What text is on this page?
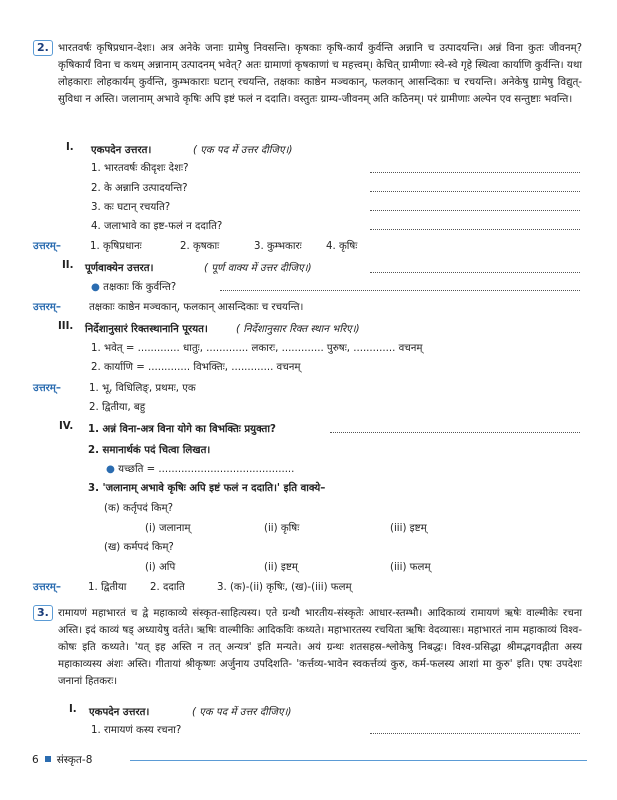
2. भारतवर्षः कृषिप्रधान-देशः। अत्र अनेके जनाः ग्रामेषु निवसन्ति। कृषकाः कृषि-कार्यं कुर्वन्ति अन्नानि च उत्पादयन्ति। अन्नं विना कुतः जीवनम्? कृषिकार्यं विना च कथम् अन्नानाम् उत्पादनम् भवेत्? अतः ग्रामाणां कृषकाणां च महत्त्वम्। केचित् ग्रामीणाः स्वे-स्वे गृहे स्थित्वा कार्याणि कुर्वन्ति। यथा लोहकाराः लोहकार्यम् कुर्वन्ति, कुम्भकाराः घटान् रचयन्ति, तक्षकाः काष्ठेन मञ्चकान्, फलकान् आसन्दिकाः च रचयन्ति। अनेकेषु ग्रामेषु विद्युत्-सुविधा न अस्ति। जलानाम् अभावे कृषिः अपि इष्टं फलं न ददाति। वस्तुतः ग्राम्य-जीवनम् अति कठिनम्। परं ग्रामीणाः अल्पेन एव सन्तुष्टाः भवन्ति।
I. एकपदेन उत्तरत।	( एक पद में उत्तर दीजिए।)
1. भारतवर्षः कीदृशः देशः?
2. के अन्नानि उत्पादयन्ति?
3. कः घटान् रचयति?
4. जलाभावे का इष्ट-फलं न ददाति?
उत्तरम्–	1. कृषिप्रधानः	2. कृषकाः	3. कुम्भकारः 4. कृषिः
II. पूर्णवाक्येन उत्तरत।	( पूर्ण वाक्य में उत्तर दीजिए।)
● तक्षकाः किं कुर्वन्ति?
उत्तरम्–	तक्षकाः काष्ठेन मञ्चकान्, फलकान् आसन्दिकाः च रचयन्ति।
III. निर्देशानुसारं रिक्तस्थानानि पूरयत।	( निर्देशानुसार रिक्त स्थान भरिए।)
1. भवेत् = ............. धातुः, ............. लकारः, ............. पुरुषः, ............. वचनम्
2. कार्याणि = ............. विभक्तिः, ............. वचनम्
उत्तरम्–	1. भू, विधिलिङ्, प्रथमः, एक
2. द्वितीया, बहु
IV. 1. अन्नं विना-अत्र विना योगे का विभक्तिः प्रयुक्ता?
2. समानार्थकं पदं चित्वा लिखत।
● यच्छति = ..........................................
3. 'जलानाम् अभावे कृषिः अपि इष्टं फलं न ददाति।' इति वाक्ये–
(क) कर्तृपदं किम्?
(i) जलानाम्	(ii) कृषिः	(iii) इष्टम्
(ख) कर्मपदं किम्?
(i) अपि	(ii) इष्टम्	(iii) फलम्
उत्तरम्–	1. द्वितीया 2. ददाति	3. (क)-(ii) कृषिः, (ख)-(iii) फलम्
3. रामायणं महाभारतं च द्वे महाकाव्ये संस्कृत-साहित्यस्य। एते ग्रन्थौ भारतीय-संस्कृतेः आधार-स्तम्भौ। आदिकाव्यं रामायणं ऋषेः वाल्मीकेः रचना अस्ति। इदं काव्यं षड् अध्यायेषु वर्तते। ऋषिः वाल्मीकिः आदिकविः कथ्यते। महाभारतस्य रचयिता ऋषिः वेदव्यासः। महाभारतं नाम महाकाव्यं विश्व-कोषः इति कथ्यते। 'यत् इह अस्ति न तत् अन्यत्र' इति मन्यते। अयं ग्रन्थः शतसहस्र-श्लोकेषु निबद्धः। विश्व-प्रसिद्धा श्रीमद्भगवद्गीता अस्य महाकाव्यस्य अंशः अस्ति। गीतायां श्रीकृष्णः अर्जुनाय उपदिशति- 'कर्त्तव्य-भावेन स्वकर्त्तव्यं कुरु, कर्म-फलस्य आशां मा कुरु' इति। एषः उपदेशः जनानां हितकरः।
I. एकपदेन उत्तरत।	( एक पद में उत्तर दीजिए।)
1. रामायणं कस्य रचना?
6 संस्कृत-8
